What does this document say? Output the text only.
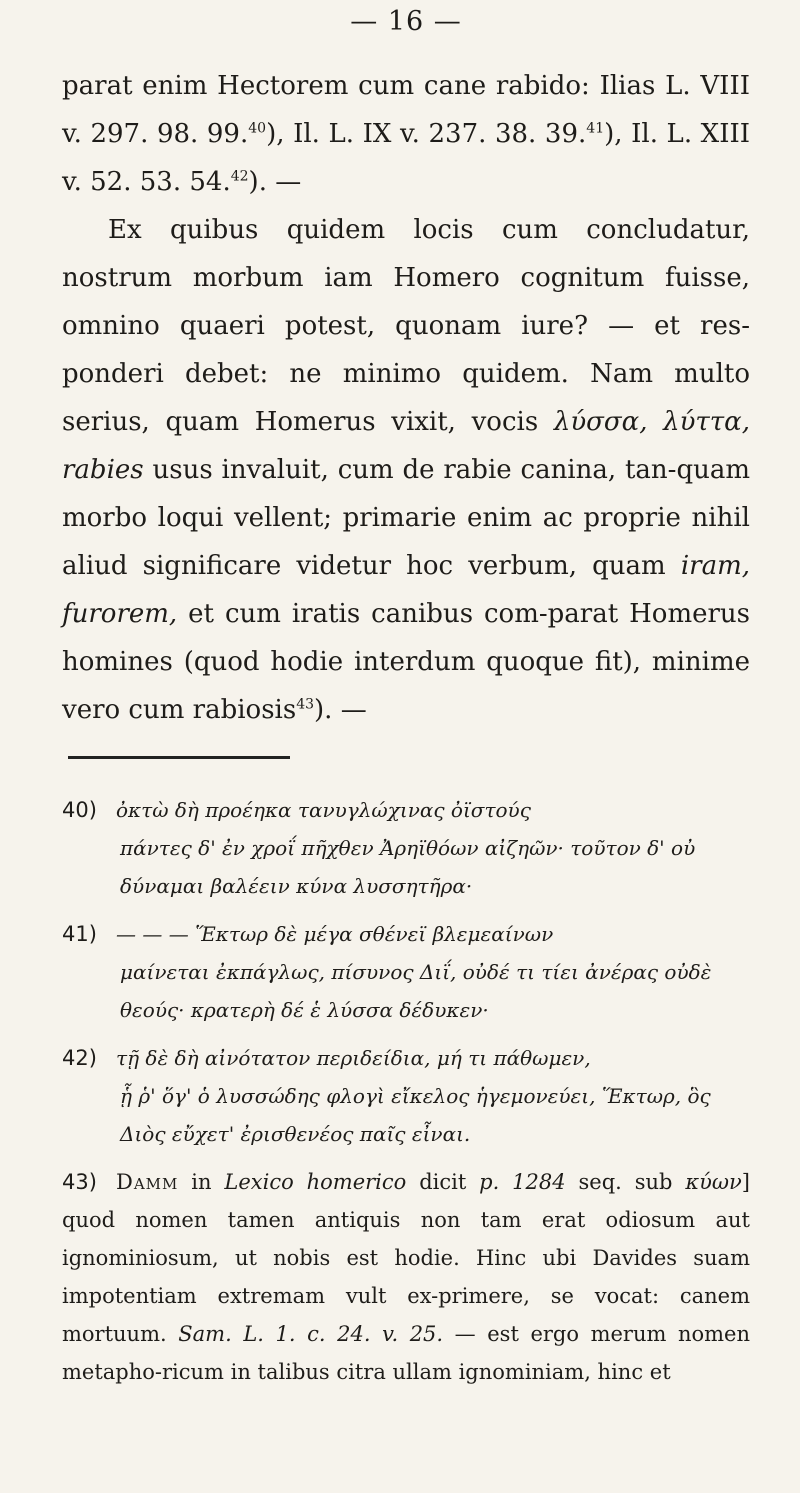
— 16 —

parat enim Hectorem cum cane rabido: Ilias L. VIII v. 297. 98. 99.40), Il. L. IX v. 237. 38. 39.41), Il. L. XIII v. 52. 53. 54.42). —

Ex quibus quidem locis cum concludatur, nostrum morbum iam Homero cognitum fuisse, omnino quaeri potest, quonam iure? — et res-ponderi debet: ne minimo quidem. Nam multo serius, quam Homerus vixit, vocis λύσσα, λύττα, rabies usus invaluit, cum de rabie canina, tan-quam morbo loqui vellent; primarie enim ac proprie nihil aliud significare videtur hoc verbum, quam iram, furorem, et cum iratis canibus com-parat Homerus homines (quod hodie interdum quoque fit), minime vero cum rabiosis$^{43}$). —

40) ὀκτὼ δὴ προέηκα τανυγλώχινας ὀϊστούς
πάντες δ' ἐν χροΐ πῆχθεν Ἀρηϊθόων αἰζηῶν· τοῦτον δ' οὐ δύναμαι βαλέειν κύνα λυσσητῆρα·
41) — — — Ἕκτωρ δὲ μέγα σθένεϊ βλεμεαίνων
μαίνεται ἐκπάγλως, πίσυνος Διΐ, οὐδέ τι τίει ἀνέρας οὐδὲ θεούς· κρατερὴ δέ ἑ λύσσα δέδυκεν·
42) τῇ δὲ δὴ αἰνότατον περιδείδια, μή τι πάθωμεν,
ᾗ ῥ' ὅγ' ὁ λυσσώδης φλογὶ εἴκελος ἡγεμονεύει, Ἕκτωρ, ὃς Διὸς εὔχετ' ἐρισθενέος παῖς εἶναι.
43) Damm in Lexico homerico dicit p. 1284 seq. sub κύων] quod nomen tamen antiquis non tam erat odiosum aut ignominiosum, ut nobis est hodie. Hinc ubi Davides suam impotentiam extremam vult ex-primere, se vocat: canem mortuum. Sam. L. 1. c. 24. v. 25. — est ergo merum nomen metapho-ricum in talibus citra ullam ignominiam, hinc et
